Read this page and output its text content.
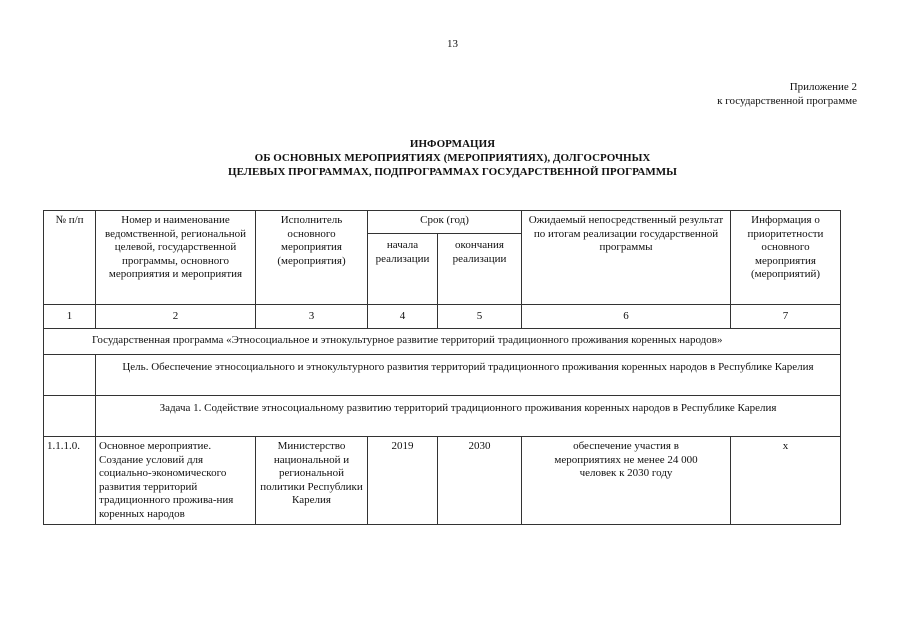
13
Приложение 2
к государственной программе
ИНФОРМАЦИЯ
ОБ ОСНОВНЫХ МЕРОПРИЯТИЯХ (МЕРОПРИЯТИЯХ), ДОЛГОСРОЧНЫХ
ЦЕЛЕВЫХ ПРОГРАММАХ, ПОДПРОГРАММАХ ГОСУДАРСТВЕННОЙ ПРОГРАММЫ
№ п/п	Номер и наименование ведомственной, региональной целевой, государственной программы, основного мероприятия и мероприятия	Исполнитель основного мероприятия (мероприятия)	Срок (год)		Ожидаемый непосредственный результат по итогам реализации государственной программы	Информация о приоритетности основного мероприятия (мероприятий)
			начала реализации	окончания реализации		
1	2	3	4	5	6	7
Государственная программа «Этносоциальное и этнокультурное развитие территорий традиционного проживания коренных народов»						
	Цель. Обеспечение этносоциального и этнокультурного развития территорий традиционного проживания коренных народов в Республике Карелия					
	Задача 1. Содействие этносоциальному развитию территорий традиционного проживания коренных народов в Республике Карелия					
1.1.1.0.	Основное мероприятие. Создание условий для социально-экономического развития территорий традиционного прожива-ния коренных народов	Министерство национальной и региональной политики Республики Карелия	2019	2030	обеспечение участия в мероприятиях не менее 24 000 человек к 2030 году	х
